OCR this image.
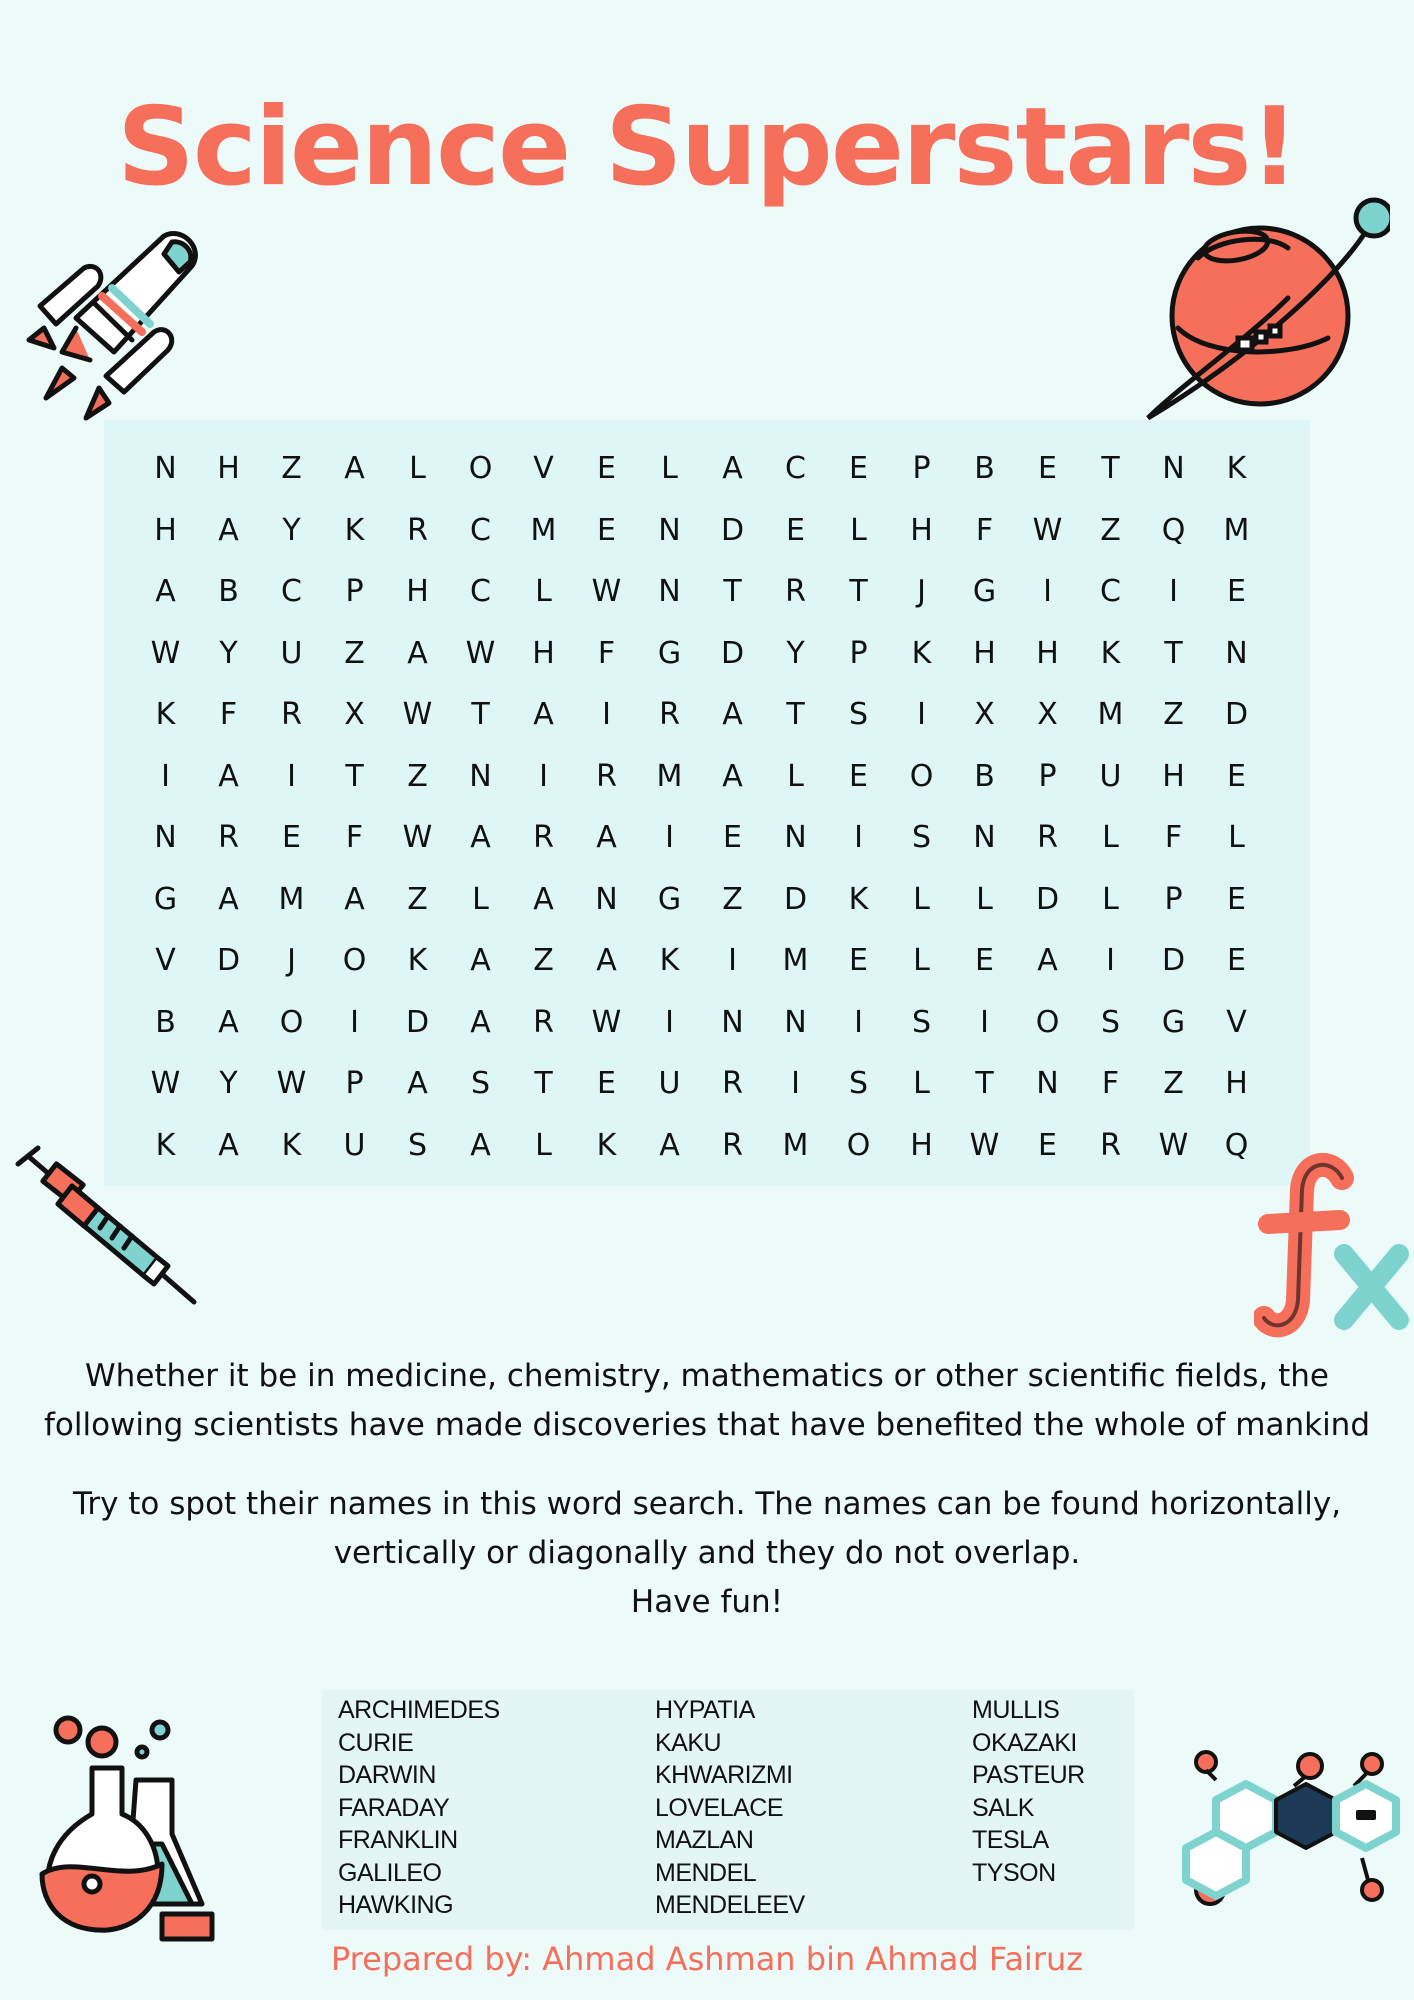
Science Superstars!
N	H	Z	A	L	O	V	E	L	A	C	E	P	B	E	T	N	K
H	A	Y	K	R	C	M	E	N	D	E	L	H	F	W	Z	Q	M
A	B	C	P	H	C	L	W	N	T	R	T	J	G	I	C	I	E
W	Y	U	Z	A	W	H	F	G	D	Y	P	K	H	H	K	T	N
K	F	R	X	W	T	A	I	R	A	T	S	I	X	X	M	Z	D
I	A	I	T	Z	N	I	R	M	A	L	E	O	B	P	U	H	E
N	R	E	F	W	A	R	A	I	E	N	I	S	N	R	L	F	L
G	A	M	A	Z	L	A	N	G	Z	D	K	L	L	D	L	P	E
V	D	J	O	K	A	Z	A	K	I	M	E	L	E	A	I	D	E
B	A	O	I	D	A	R	W	I	N	N	I	S	I	O	S	G	V
W	Y	W	P	A	S	T	E	U	R	I	S	L	T	N	F	Z	H
K	A	K	U	S	A	L	K	A	R	M	O	H	W	E	R	W	Q

Whether it be in medicine, chemistry, mathematics or other scientific fields, the following scientists have made discoveries that have benefited the whole of mankind

Try to spot their names in this word search. The names can be found horizontally, vertically or diagonally and they do not overlap.
Have fun!

ARCHIMEDES
CURIE
DARWIN
FARADAY
FRANKLIN
GALILEO
HAWKING
HYPATIA
KAKU
KHWARIZMI
LOVELACE
MAZLAN
MENDEL
MENDELEEV
MULLIS
OKAZAKI
PASTEUR
SALK
TESLA
TYSON

Prepared by: Ahmad Ashman bin Ahmad Fairuz
